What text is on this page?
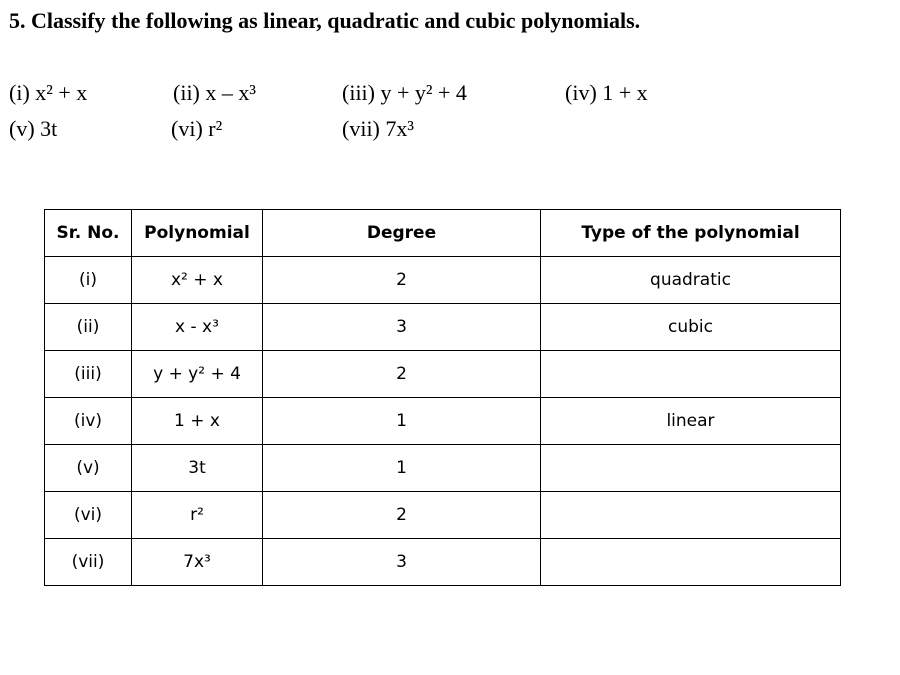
5. Classify the following as linear, quadratic and cubic polynomials.
(i) x² + x	(ii) x – x³	(iii) y + y² + 4	(iv) 1 + x
(v) 3t	(vi) r²	(vii) 7x³
Sr. No.	Polynomial	Degree	Type of the polynomial
(i)	x² + x	2	quadratic
(ii)	x - x³	3	cubic
(iii)	y + y² + 4	2	
(iv)	1 + x	1	linear
(v)	3t	1	
(vi)	r²	2	
(vii)	7x³	3	
